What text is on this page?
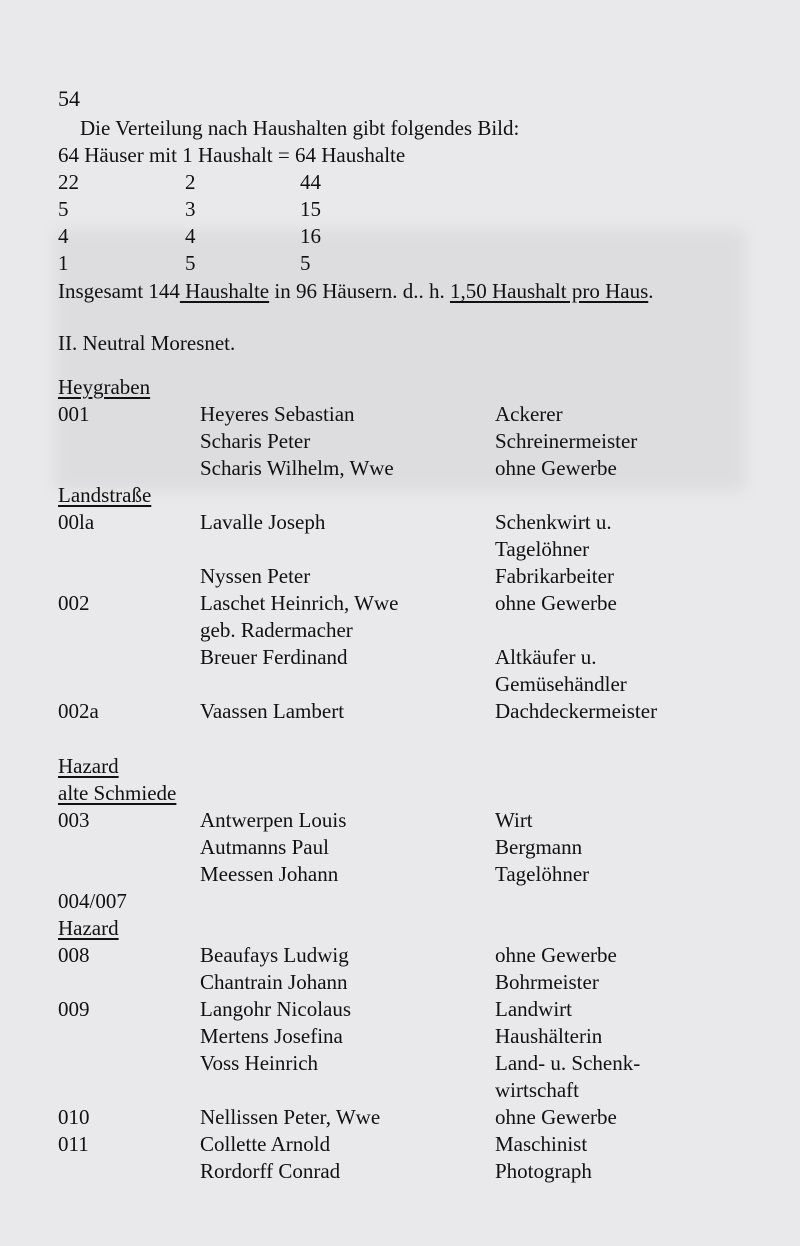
54
Die Verteilung nach Haushalten gibt folgendes Bild:
64 Häuser mit 1 Haushalt = 64 Haushalte
22	2	44
5	3	15
4	4	16
1	5	5
Insgesamt 144 Haushalte in 96 Häusern. d.. h. 1,50 Haushalt pro Haus.
II. Neutral Moresnet.
Heygraben
001	Heyeres Sebastian	Ackerer
Scharis Peter	Schreinermeister
Scharis Wilhelm, Wwe	ohne Gewerbe
Landstraße
00la	Lavalle Joseph	Schenkwirt u.
Tagelöhner
Nyssen Peter	Fabrikarbeiter
002	Laschet Heinrich, Wwe	ohne Gewerbe
geb. Radermacher
Breuer Ferdinand	Altkäufer u.
Gemüsehändler
002a	Vaassen Lambert	Dachdeckermeister
Hazard
alte Schmiede
003	Antwerpen Louis	Wirt
Autmanns Paul	Bergmann
Meessen Johann	Tagelöhner
004/007
Hazard
008	Beaufays Ludwig	ohne Gewerbe
Chantrain Johann	Bohrmeister
009	Langohr Nicolaus	Landwirt
Mertens Josefina	Haushälterin
Voss Heinrich	Land- u. Schenk-
wirtschaft
010	Nellissen Peter, Wwe	ohne Gewerbe
011	Collette Arnold	Maschinist
Rordorff Conrad	Photograph
